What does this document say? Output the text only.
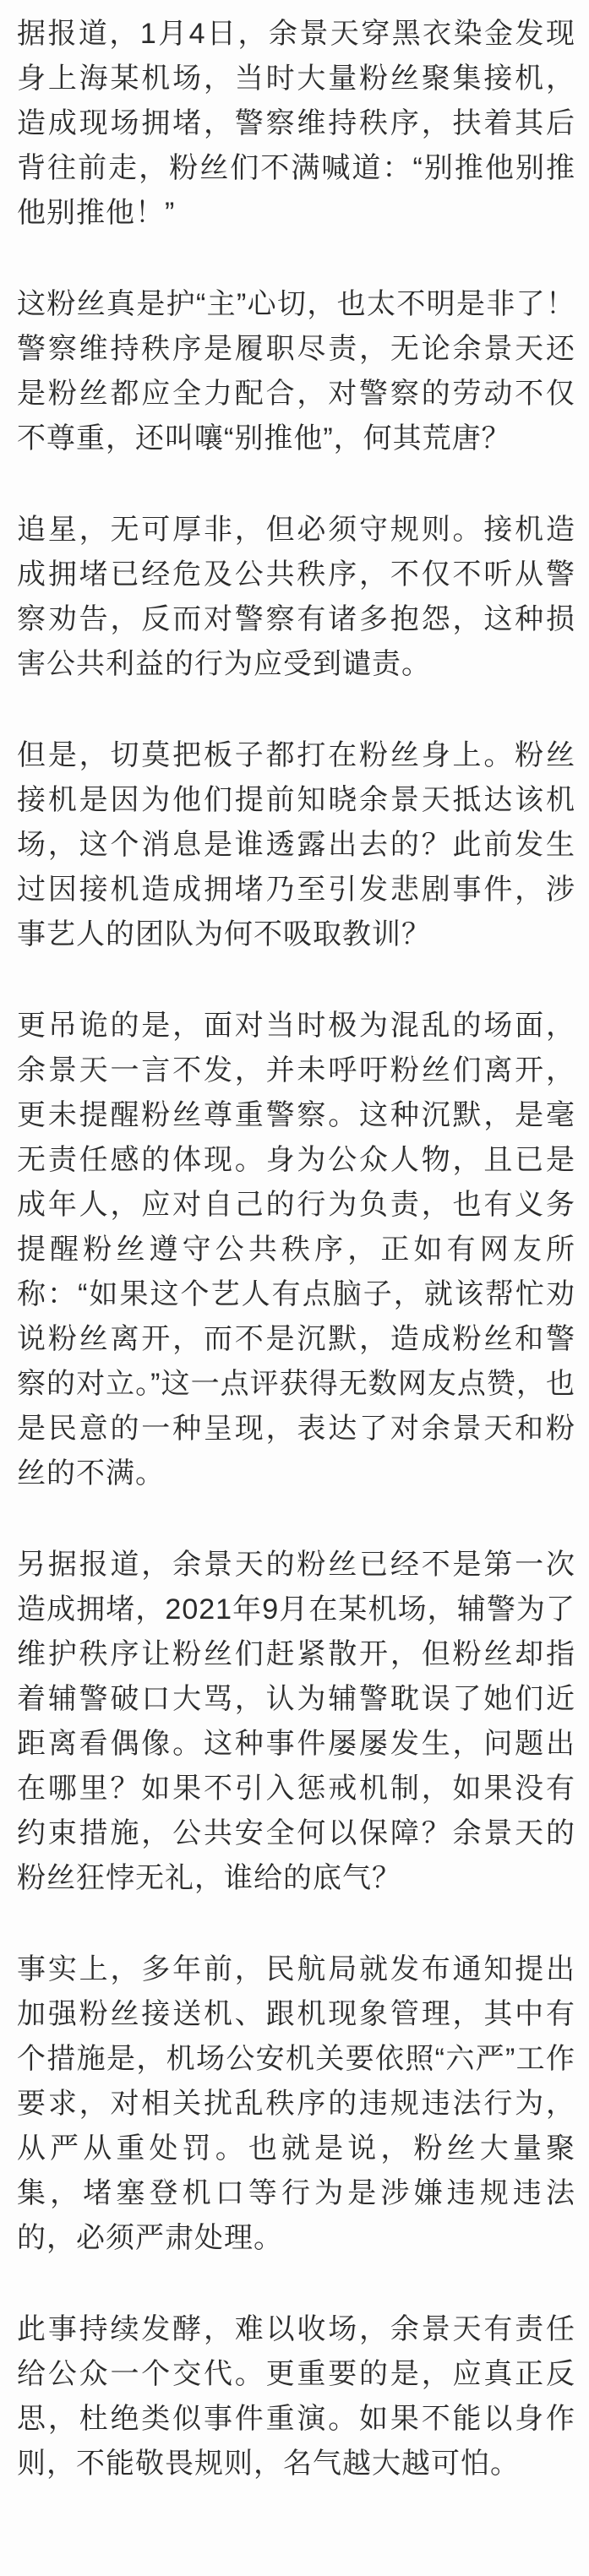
据报道，1月4日，余景天穿黑衣染金发现身上海某机场，当时大量粉丝聚集接机，造成现场拥堵，警察维持秩序，扶着其后背往前走，粉丝们不满喊道：“别推他别推他别推他！”

这粉丝真是护“主”心切，也太不明是非了！警察维持秩序是履职尽责，无论余景天还是粉丝都应全力配合，对警察的劳动不仅不尊重，还叫嚷“别推他”，何其荒唐？

追星，无可厚非，但必须守规则。接机造成拥堵已经危及公共秩序，不仅不听从警察劝告，反而对警察有诸多抱怨，这种损害公共利益的行为应受到谴责。

但是，切莫把板子都打在粉丝身上。粉丝接机是因为他们提前知晓余景天抵达该机场，这个消息是谁透露出去的？此前发生过因接机造成拥堵乃至引发悲剧事件，涉事艺人的团队为何不吸取教训？

更吊诡的是，面对当时极为混乱的场面，余景天一言不发，并未呼吁粉丝们离开，更未提醒粉丝尊重警察。这种沉默，是毫无责任感的体现。身为公众人物，且已是成年人，应对自己的行为负责，也有义务提醒粉丝遵守公共秩序，正如有网友所称：“如果这个艺人有点脑子，就该帮忙劝说粉丝离开，而不是沉默，造成粉丝和警察的对立。”这一点评获得无数网友点赞，也是民意的一种呈现，表达了对余景天和粉丝的不满。

另据报道，余景天的粉丝已经不是第一次造成拥堵，2021年9月在某机场，辅警为了维护秩序让粉丝们赶紧散开，但粉丝却指着辅警破口大骂，认为辅警耽误了她们近距离看偶像。这种事件屡屡发生，问题出在哪里？如果不引入惩戒机制，如果没有约束措施，公共安全何以保障？余景天的粉丝狂悖无礼，谁给的底气？

事实上，多年前，民航局就发布通知提出加强粉丝接送机、跟机现象管理，其中有个措施是，机场公安机关要依照“六严”工作要求，对相关扰乱秩序的违规违法行为，从严从重处罚。也就是说，粉丝大量聚集，堵塞登机口等行为是涉嫌违规违法的，必须严肃处理。

此事持续发酵，难以收场，余景天有责任给公众一个交代。更重要的是，应真正反思，杜绝类似事件重演。如果不能以身作则，不能敬畏规则，名气越大越可怕。
